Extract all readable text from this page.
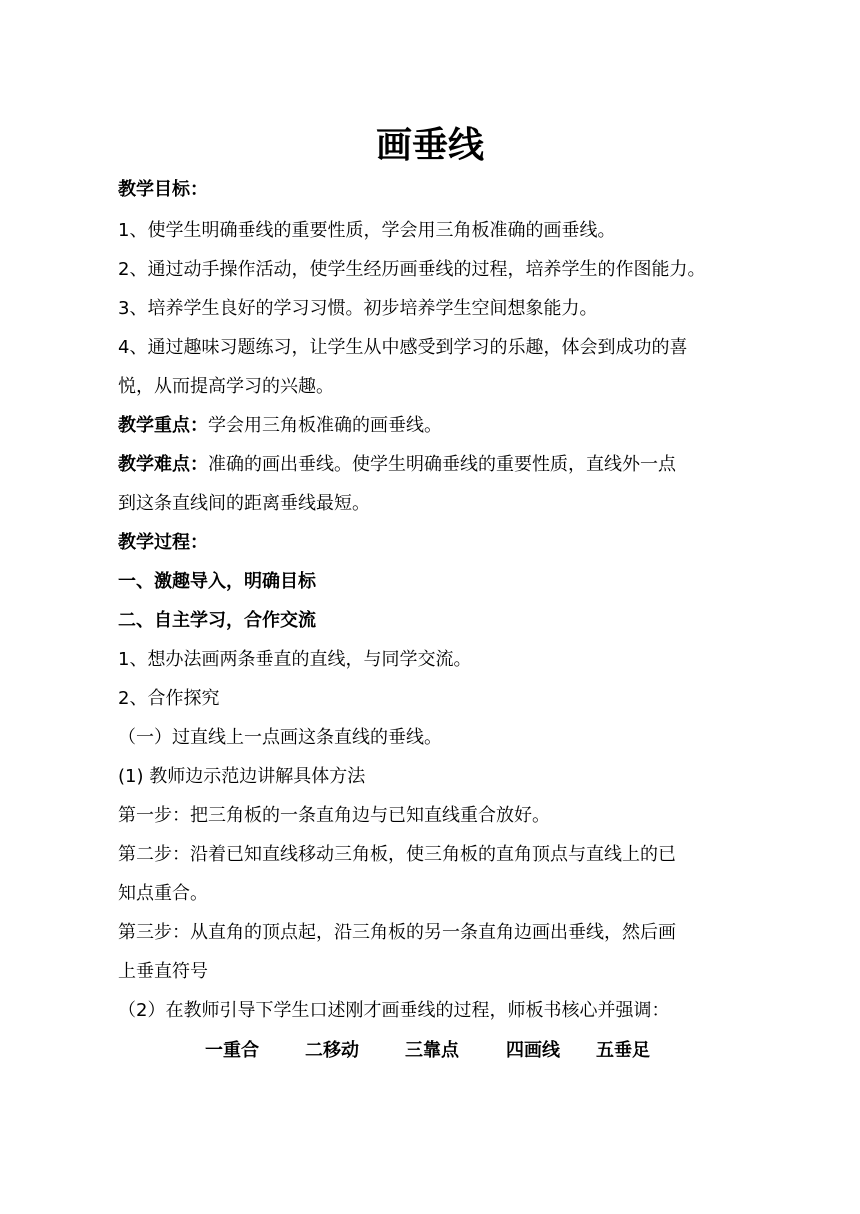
画垂线
教学目标：
1、使学生明确垂线的重要性质，学会用三角板准确的画垂线。
2、通过动手操作活动，使学生经历画垂线的过程，培养学生的作图能力。
3、培养学生良好的学习习惯。初步培养学生空间想象能力。
4、通过趣味习题练习，让学生从中感受到学习的乐趣，体会到成功的喜
悦，从而提高学习的兴趣。
教学重点：学会用三角板准确的画垂线。
教学难点：准确的画出垂线。使学生明确垂线的重要性质，直线外一点
到这条直线间的距离垂线最短。
教学过程：
一、激趣导入，明确目标
二、自主学习，合作交流
1、想办法画两条垂直的直线，与同学交流。
2、合作探究
（一）过直线上一点画这条直线的垂线。
(1) 教师边示范边讲解具体方法
第一步：把三角板的一条直角边与已知直线重合放好。
第二步：沿着已知直线移动三角板，使三角板的直角顶点与直线上的已
知点重合。
第三步：从直角的顶点起，沿三角板的另一条直角边画出垂线，然后画
上垂直符号
（2）在教师引导下学生口述刚才画垂线的过程，师板书核心并强调：
一重合	二移动	三靠点	四画线 五垂足
